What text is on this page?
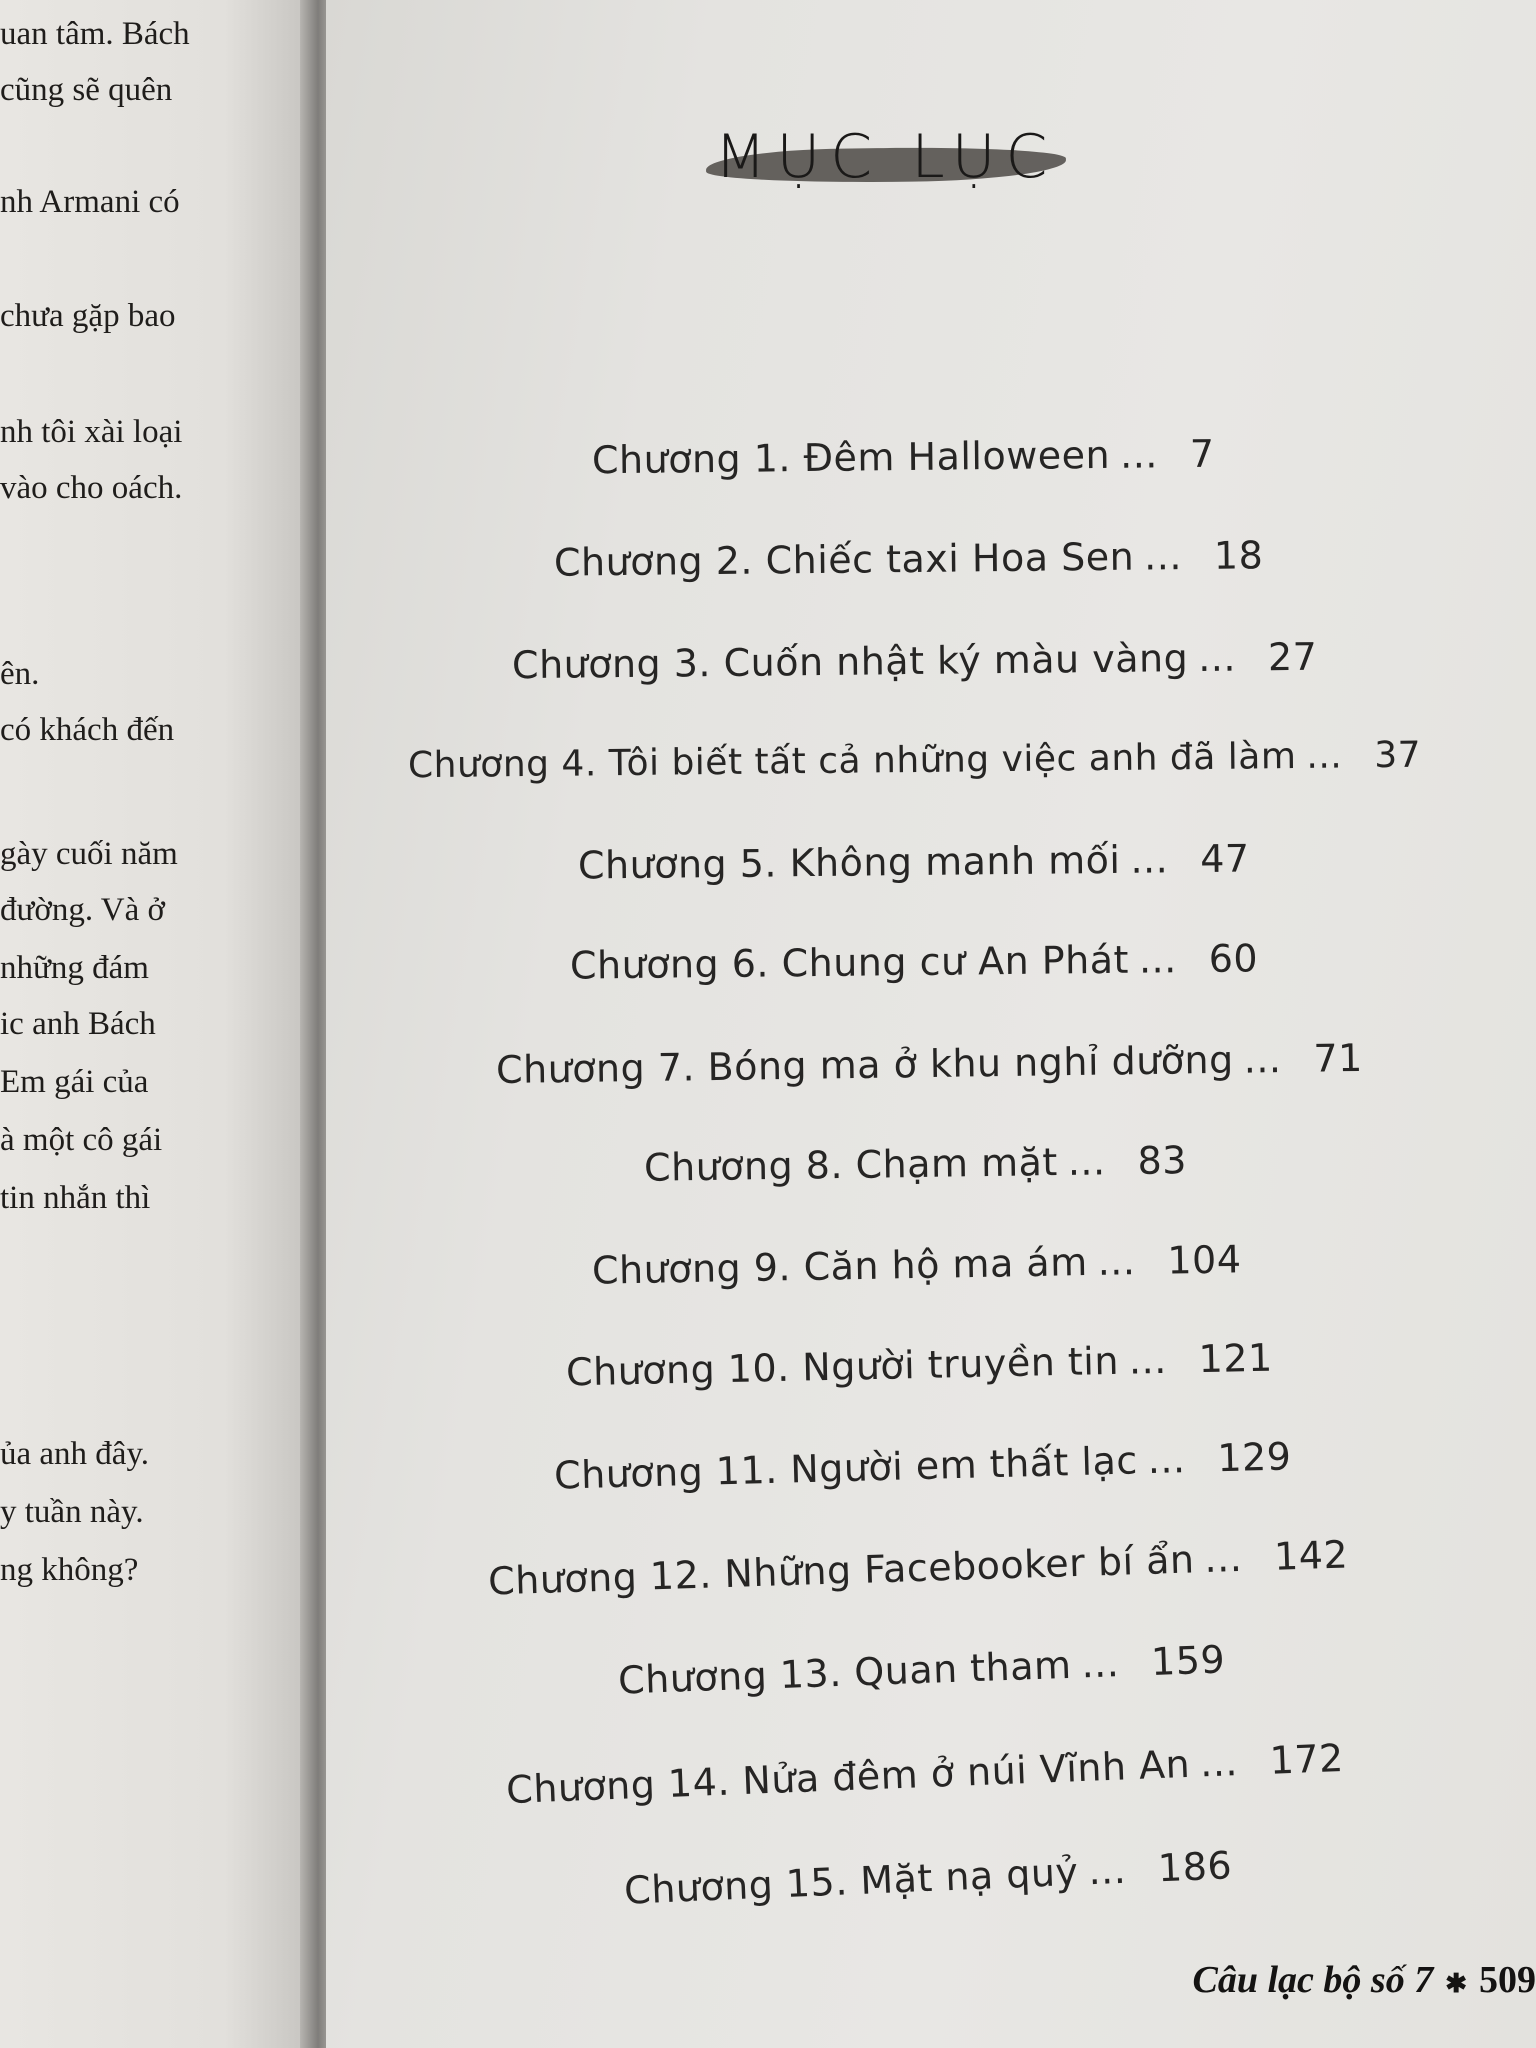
uan tâm. Bách
cũng sẽ quên
nh Armani có
chưa gặp bao
nh tôi xài loại
vào cho oách.
ên.
có khách đến
gày cuối năm
đường. Và ở
những đám
ic anh Bách
Em gái của
à một cô gái
tin nhắn thì
ủa anh đây.
y tuần này.
ng không?
MỤC LỤC
Chương 1. Đêm Halloween ... 7
Chương 2. Chiếc taxi Hoa Sen ... 18
Chương 3. Cuốn nhật ký màu vàng ... 27
Chương 4. Tôi biết tất cả những việc anh đã làm ... 37
Chương 5. Không manh mối ... 47
Chương 6. Chung cư An Phát ... 60
Chương 7. Bóng ma ở khu nghỉ dưỡng ... 71
Chương 8. Chạm mặt ... 83
Chương 9. Căn hộ ma ám ... 104
Chương 10. Người truyền tin ... 121
Chương 11. Người em thất lạc ... 129
Chương 12. Những Facebooker bí ẩn ... 142
Chương 13. Quan tham ... 159
Chương 14. Nửa đêm ở núi Vĩnh An ... 172
Chương 15. Mặt nạ quỷ ... 186
Câu lạc bộ số 7 ✱ 509
